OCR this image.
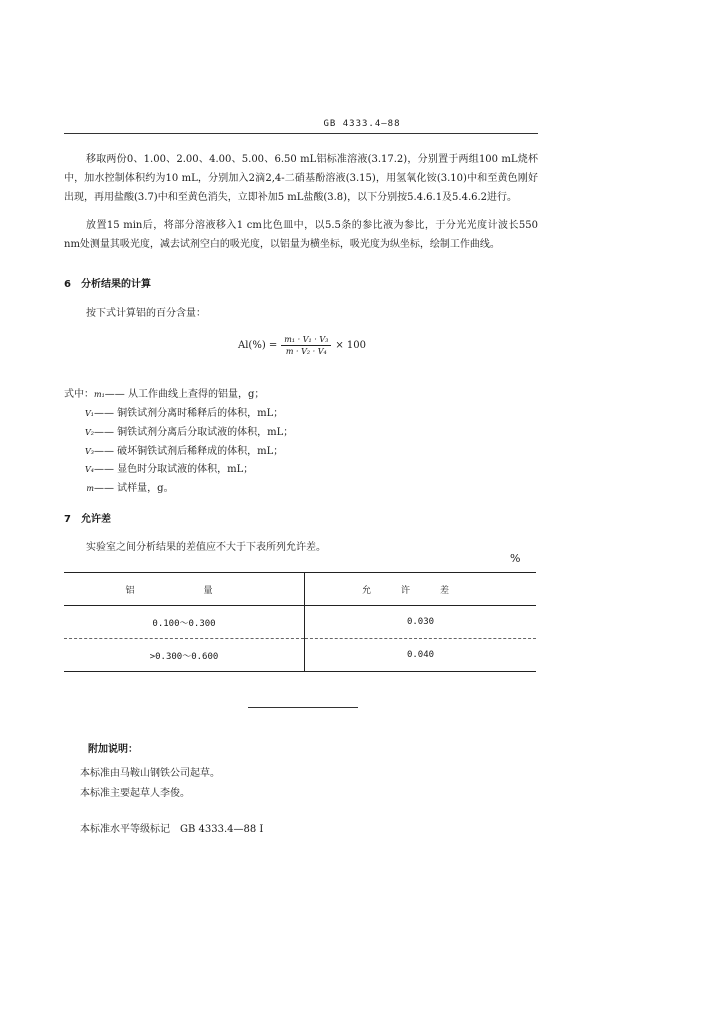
GB 4333.4—88
移取两份0、1.00、2.00、4.00、5.00、6.50 mL铝标准溶液(3.17.2)，分别置于两组100 mL烧杯中，加水控制体积约为10 mL，分别加入2滴2,4-二硝基酚溶液(3.15)，用氢氧化铵(3.10)中和至黄色刚好出现，再用盐酸(3.7)中和至黄色消失，立即补加5 mL盐酸(3.8)，以下分别按5.4.6.1及5.4.6.2进行。
放置15 min后，将部分溶液移入1 cm比色皿中，以5.5条的参比液为参比，于分光光度计波长550 nm处测量其吸光度，减去试剂空白的吸光度，以铝量为横坐标，吸光度为纵坐标，绘制工作曲线。
6　分析结果的计算
按下式计算铝的百分含量：
$Al(\%) = \frac{\text{m₁ · V₁ · V₃}}{\text{m · V₂ · V₄}} \times 100$
式中：m₁—— 从工作曲线上查得的铝量，g；
V₁—— 铜铁试剂分离时稀释后的体积，mL；
V₂—— 铜铁试剂分离后分取试液的体积，mL；
V₃—— 破坏铜铁试剂后稀释成的体积，mL；
V₄—— 显色时分取试液的体积，mL；
m—— 试样量，g。
7　允许差
实验室之间分析结果的差值应不大于下表所列允许差。
%
铝　量	允许差
0.100～0.300	0.030
>0.300～0.600	0.040
附加说明：
本标准由马鞍山钢铁公司起草。
本标准主要起草人李俊。
本标准水平等级标记　GB 4333.4—88 I
